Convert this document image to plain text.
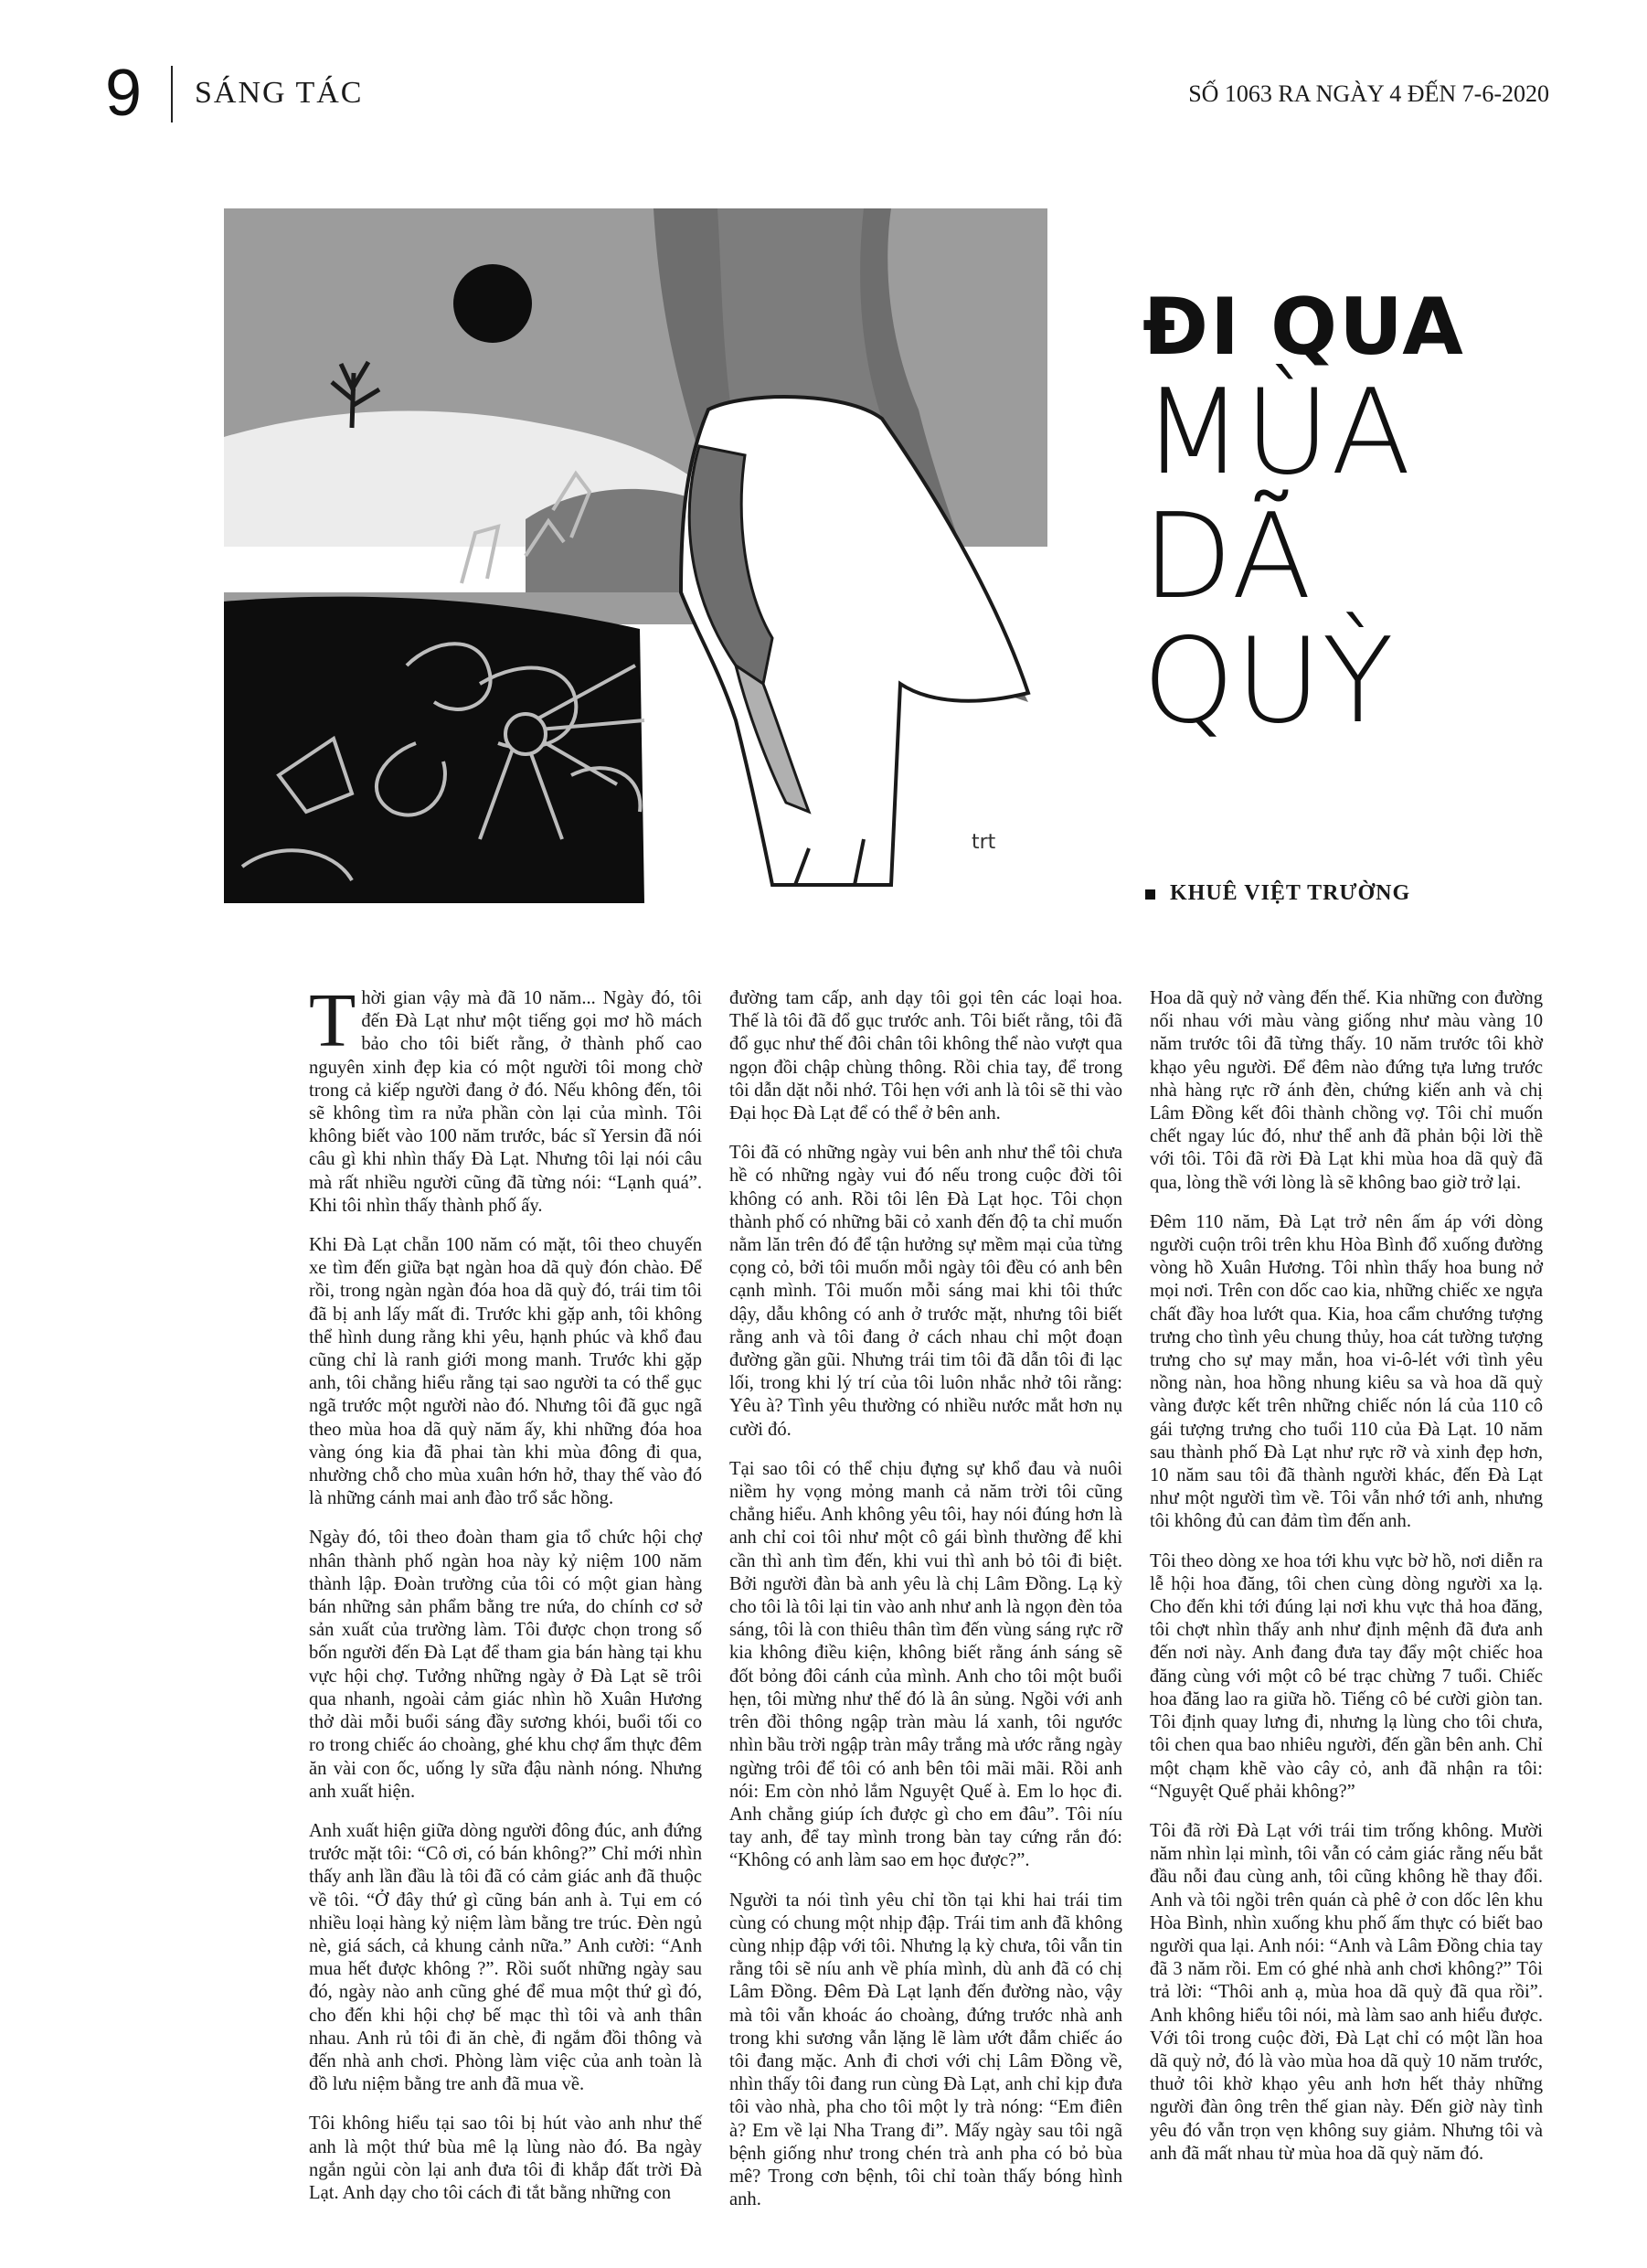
9 SÁNG TÁC	SỐ 1063 RA NGÀY 4 ĐẾN 7-6-2020
trt
ĐI QUA
MÙA
DÃ
QUỲ
KHUÊ VIỆT TRƯỜNG

Thời gian vậy mà đã 10 năm... Ngày đó, tôi đến Đà Lạt như một tiếng gọi mơ hồ mách bảo cho tôi biết rằng, ở thành phố cao nguyên xinh đẹp kia có một người tôi mong chờ trong cả kiếp người đang ở đó. Nếu không đến, tôi sẽ không tìm ra nửa phần còn lại của mình. Tôi không biết vào 100 năm trước, bác sĩ Yersin đã nói câu gì khi nhìn thấy Đà Lạt. Nhưng tôi lại nói câu mà rất nhiều người cũng đã từng nói: “Lạnh quá”. Khi tôi nhìn thấy thành phố ấy.

Khi Đà Lạt chẵn 100 năm có mặt, tôi theo chuyến xe tìm đến giữa bạt ngàn hoa dã quỳ đón chào. Để rồi, trong ngàn ngàn đóa hoa dã quỳ đó, trái tim tôi đã bị anh lấy mất đi. Trước khi gặp anh, tôi không thể hình dung rằng khi yêu, hạnh phúc và khổ đau cũng chỉ là ranh giới mong manh. Trước khi gặp anh, tôi chẳng hiểu rằng tại sao người ta có thể gục ngã trước một người nào đó. Nhưng tôi đã gục ngã theo mùa hoa dã quỳ năm ấy, khi những đóa hoa vàng óng kia đã phai tàn khi mùa đông đi qua, nhường chỗ cho mùa xuân hớn hở, thay thế vào đó là những cánh mai anh đào trổ sắc hồng.

Ngày đó, tôi theo đoàn tham gia tổ chức hội chợ nhân thành phố ngàn hoa này kỷ niệm 100 năm thành lập. Đoàn trường của tôi có một gian hàng bán những sản phẩm bằng tre nứa, do chính cơ sở sản xuất của trường làm. Tôi được chọn trong số bốn người đến Đà Lạt để tham gia bán hàng tại khu vực hội chợ. Tưởng những ngày ở Đà Lạt sẽ trôi qua nhanh, ngoài cảm giác nhìn hồ Xuân Hương thở dài mỗi buổi sáng đầy sương khói, buổi tối co ro trong chiếc áo choàng, ghé khu chợ ẩm thực đêm ăn vài con ốc, uống ly sữa đậu nành nóng. Nhưng anh xuất hiện.

Anh xuất hiện giữa dòng người đông đúc, anh đứng trước mặt tôi: “Cô ơi, có bán không?” Chỉ mới nhìn thấy anh lần đầu là tôi đã có cảm giác anh đã thuộc về tôi. “Ở đây thứ gì cũng bán anh à. Tụi em có nhiều loại hàng kỷ niệm làm bằng tre trúc. Đèn ngủ nè, giá sách, cả khung cảnh nữa.” Anh cười: “Anh mua hết được không ?”. Rồi suốt những ngày sau đó, ngày nào anh cũng ghé để mua một thứ gì đó, cho đến khi hội chợ bế mạc thì tôi và anh thân nhau. Anh rủ tôi đi ăn chè, đi ngắm đồi thông và đến nhà anh chơi. Phòng làm việc của anh toàn là đồ lưu niệm bằng tre anh đã mua về.

Tôi không hiểu tại sao tôi bị hút vào anh như thế anh là một thứ bùa mê lạ lùng nào đó. Ba ngày ngắn ngủi còn lại anh đưa tôi đi khắp đất trời Đà Lạt. Anh dạy cho tôi cách đi tắt bằng những con

đường tam cấp, anh dạy tôi gọi tên các loại hoa. Thế là tôi đã đổ gục trước anh. Tôi biết rằng, tôi đã đổ gục như thế đôi chân tôi không thể nào vượt qua ngọn đồi chập chùng thông. Rồi chia tay, để trong tôi dẫn dặt nỗi nhớ. Tôi hẹn với anh là tôi sẽ thi vào Đại học Đà Lạt để có thể ở bên anh.

Tôi đã có những ngày vui bên anh như thể tôi chưa hề có những ngày vui đó nếu trong cuộc đời tôi không có anh. Rồi tôi lên Đà Lạt học. Tôi chọn thành phố có những bãi cỏ xanh đến độ ta chỉ muốn nằm lăn trên đó để tận hưởng sự mềm mại của từng cọng cỏ, bởi tôi muốn mỗi ngày tôi đều có anh bên cạnh mình. Tôi muốn mỗi sáng mai khi tôi thức dậy, dẫu không có anh ở trước mặt, nhưng tôi biết rằng anh và tôi đang ở cách nhau chỉ một đoạn đường gần gũi. Nhưng trái tim tôi đã dẫn tôi đi lạc lối, trong khi lý trí của tôi luôn nhắc nhở tôi rằng: Yêu à? Tình yêu thường có nhiều nước mắt hơn nụ cười đó.

Tại sao tôi có thể chịu đựng sự khổ đau và nuôi niềm hy vọng mỏng manh cả năm trời tôi cũng chẳng hiểu. Anh không yêu tôi, hay nói đúng hơn là anh chỉ coi tôi như một cô gái bình thường để khi cần thì anh tìm đến, khi vui thì anh bỏ tôi đi biệt. Bởi người đàn bà anh yêu là chị Lâm Đồng. Lạ kỳ cho tôi là tôi lại tin vào anh như anh là ngọn đèn tỏa sáng, tôi là con thiêu thân tìm đến vùng sáng rực rỡ kia không điều kiện, không biết rằng ánh sáng sẽ đốt bỏng đôi cánh của mình. Anh cho tôi một buổi hẹn, tôi mừng như thế đó là ân sủng. Ngồi với anh trên đồi thông ngập tràn màu lá xanh, tôi ngước nhìn bầu trời ngập tràn mây trắng mà ước rằng ngày ngừng trôi để tôi có anh bên tôi mãi mãi. Rồi anh nói: Em còn nhỏ lắm Nguyệt Quế à. Em lo học đi. Anh chẳng giúp ích được gì cho em đâu”. Tôi níu tay anh, để tay mình trong bàn tay cứng rắn đó: “Không có anh làm sao em học được?”.

Người ta nói tình yêu chỉ tồn tại khi hai trái tim cùng có chung một nhịp đập. Trái tim anh đã không cùng nhịp đập với tôi. Nhưng lạ kỳ chưa, tôi vẫn tin rằng tôi sẽ níu anh về phía mình, dù anh đã có chị Lâm Đồng. Đêm Đà Lạt lạnh đến đường nào, vậy mà tôi vẫn khoác áo choàng, đứng trước nhà anh trong khi sương vẫn lặng lẽ làm ướt đẫm chiếc áo tôi đang mặc. Anh đi chơi với chị Lâm Đồng về, nhìn thấy tôi đang run cùng Đà Lạt, anh chỉ kịp đưa tôi vào nhà, pha cho tôi một ly trà nóng: “Em điên à? Em về lại Nha Trang đi”. Mấy ngày sau tôi ngã bệnh giống như trong chén trà anh pha có bỏ bùa mê? Trong cơn bệnh, tôi chỉ toàn thấy bóng hình anh.

Hoa dã quỳ nở vàng đến thế. Kia những con đường nối nhau với màu vàng giống như màu vàng 10 năm trước tôi đã từng thấy. 10 năm trước tôi khờ khạo yêu người. Để đêm nào đứng tựa lưng trước nhà hàng rực rỡ ánh đèn, chứng kiến anh và chị Lâm Đồng kết đôi thành chồng vợ. Tôi chỉ muốn chết ngay lúc đó, như thể anh đã phản bội lời thề với tôi. Tôi đã rời Đà Lạt khi mùa hoa dã quỳ đã qua, lòng thề với lòng là sẽ không bao giờ trở lại.

Đêm 110 năm, Đà Lạt trở nên ấm áp với dòng người cuộn trôi trên khu Hòa Bình đổ xuống đường vòng hồ Xuân Hương. Tôi nhìn thấy hoa bung nở mọi nơi. Trên con dốc cao kia, những chiếc xe ngựa chất đầy hoa lướt qua. Kia, hoa cẩm chướng tượng trưng cho tình yêu chung thủy, hoa cát tường tượng trưng cho sự may mắn, hoa vi-ô-lét với tình yêu nồng nàn, hoa hồng nhung kiêu sa và hoa dã quỳ vàng được kết trên những chiếc nón lá của 110 cô gái tượng trưng cho tuổi 110 của Đà Lạt. 10 năm sau thành phố Đà Lạt như rực rỡ và xinh đẹp hơn, 10 năm sau tôi đã thành người khác, đến Đà Lạt như một người tìm về. Tôi vẫn nhớ tới anh, nhưng tôi không đủ can đảm tìm đến anh.

Tôi theo dòng xe hoa tới khu vực bờ hồ, nơi diễn ra lễ hội hoa đăng, tôi chen cùng dòng người xa lạ. Cho đến khi tới đúng lại nơi khu vực thả hoa đăng, tôi chợt nhìn thấy anh như định mệnh đã đưa anh đến nơi này. Anh đang đưa tay đẩy một chiếc hoa đăng cùng với một cô bé trạc chừng 7 tuổi. Chiếc hoa đăng lao ra giữa hồ. Tiếng cô bé cười giòn tan. Tôi định quay lưng đi, nhưng lạ lùng cho tôi chưa, tôi chen qua bao nhiêu người, đến gần bên anh. Chỉ một chạm khẽ vào cây cỏ, anh đã nhận ra tôi: “Nguyệt Quế phải không?”

Tôi đã rời Đà Lạt với trái tim trống không. Mười năm nhìn lại mình, tôi vẫn có cảm giác rằng nếu bắt đầu nỗi đau cùng anh, tôi cũng không hề thay đổi. Anh và tôi ngồi trên quán cà phê ở con dốc lên khu Hòa Bình, nhìn xuống khu phố ấm thực có biết bao người qua lại. Anh nói: “Anh và Lâm Đồng chia tay đã 3 năm rồi. Em có ghé nhà anh chơi không?” Tôi trả lời: “Thôi anh ạ, mùa hoa dã quỳ đã qua rồi”. Anh không hiểu tôi nói, mà làm sao anh hiểu được. Với tôi trong cuộc đời, Đà Lạt chỉ có một lần hoa dã quỳ nở, đó là vào mùa hoa dã quỳ 10 năm trước, thuở tôi khờ khạo yêu anh hơn hết thảy những người đàn ông trên thế gian này. Đến giờ này tình yêu đó vẫn trọn vẹn không suy giảm. Nhưng tôi và anh đã mất nhau từ mùa hoa dã quỳ năm đó.
